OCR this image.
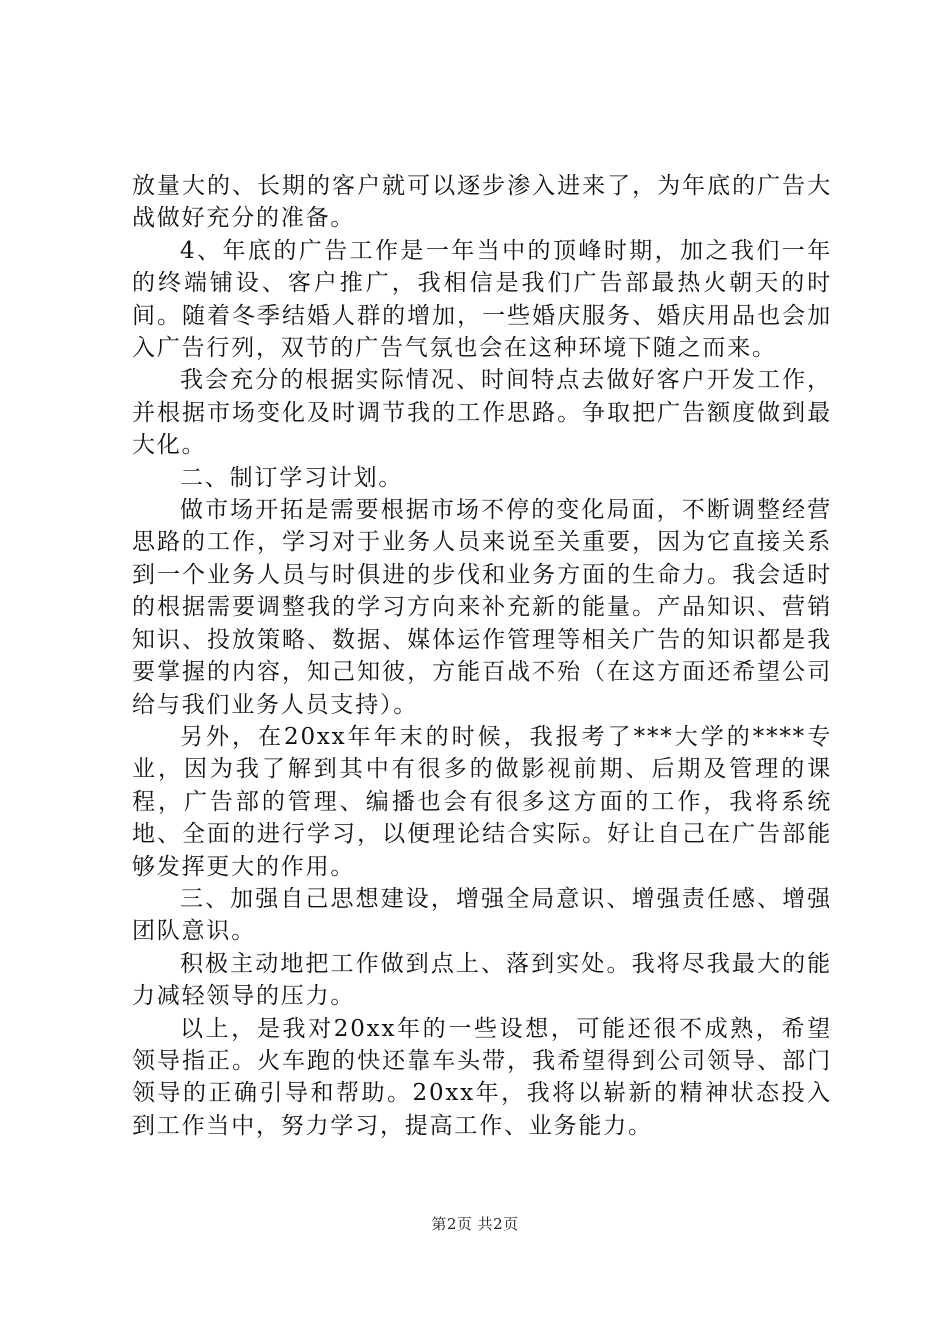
放量大的、长期的客户就可以逐步渗入进来了，为年底的广告大战做好充分的准备。

4、年底的广告工作是一年当中的顶峰时期，加之我们一年的终端铺设、客户推广，我相信是我们广告部最热火朝天的时间。随着冬季结婚人群的增加，一些婚庆服务、婚庆用品也会加入广告行列，双节的广告气氛也会在这种环境下随之而来。

我会充分的根据实际情况、时间特点去做好客户开发工作，并根据市场变化及时调节我的工作思路。争取把广告额度做到最大化。

二、制订学习计划。

做市场开拓是需要根据市场不停的变化局面，不断调整经营思路的工作，学习对于业务人员来说至关重要，因为它直接关系到一个业务人员与时俱进的步伐和业务方面的生命力。我会适时的根据需要调整我的学习方向来补充新的能量。产品知识、营销知识、投放策略、数据、媒体运作管理等相关广告的知识都是我要掌握的内容，知己知彼，方能百战不殆（在这方面还希望公司给与我们业务人员支持）。

另外，在20xx年年末的时候，我报考了***大学的****专业，因为我了解到其中有很多的做影视前期、后期及管理的课程，广告部的管理、编播也会有很多这方面的工作，我将系统地、全面的进行学习，以便理论结合实际。好让自己在广告部能够发挥更大的作用。

三、加强自己思想建设，增强全局意识、增强责任感、增强团队意识。

积极主动地把工作做到点上、落到实处。我将尽我最大的能力减轻领导的压力。

以上，是我对20xx年的一些设想，可能还很不成熟，希望领导指正。火车跑的快还靠车头带，我希望得到公司领导、部门领导的正确引导和帮助。20xx年，我将以崭新的精神状态投入到工作当中，努力学习，提高工作、业务能力。

第2页 共2页
